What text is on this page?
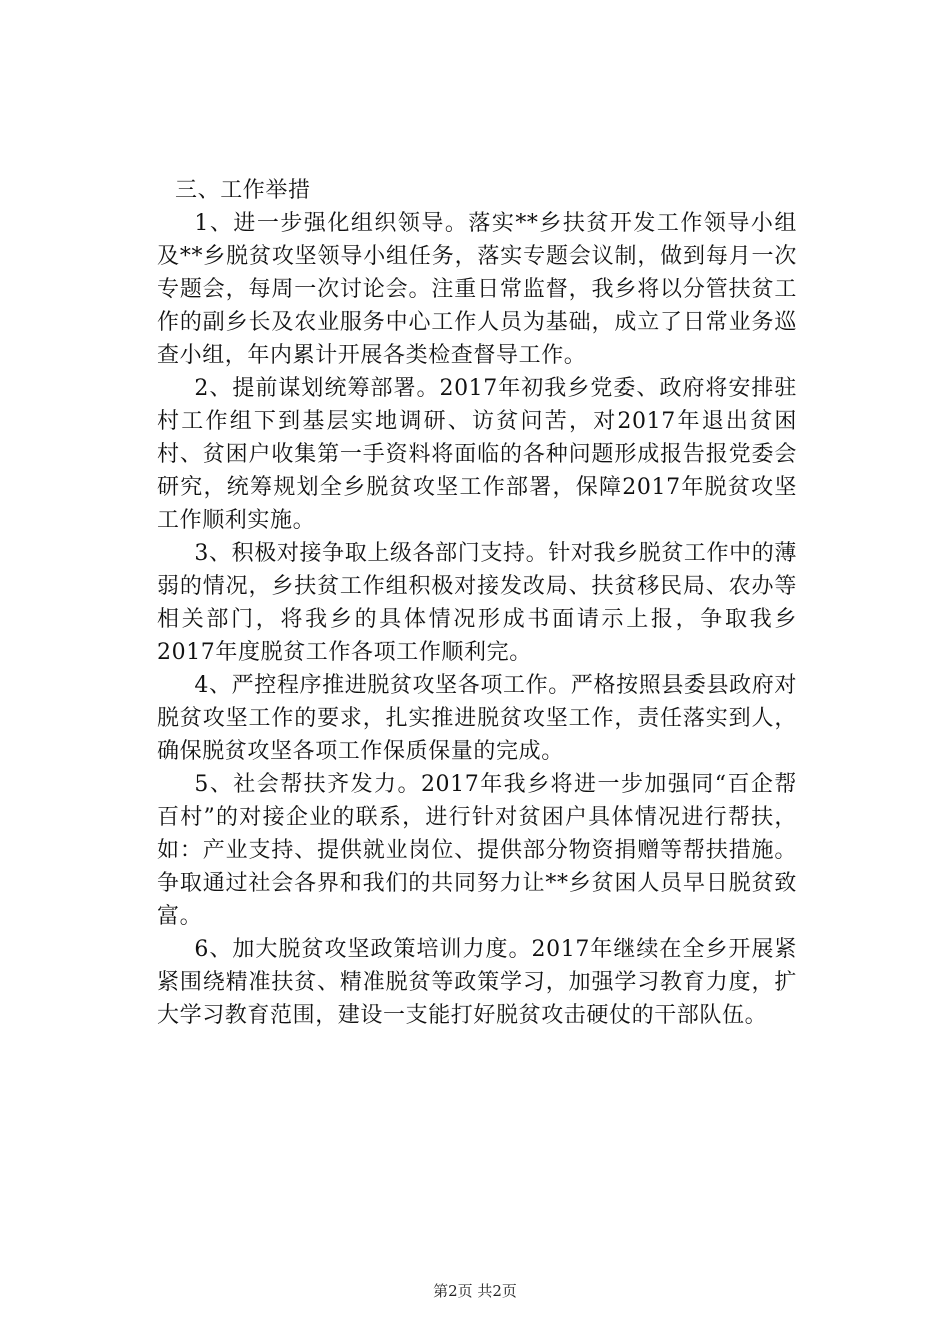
三、工作举措

1、进一步强化组织领导。落实**乡扶贫开发工作领导小组及**乡脱贫攻坚领导小组任务，落实专题会议制，做到每月一次专题会，每周一次讨论会。注重日常监督，我乡将以分管扶贫工作的副乡长及农业服务中心工作人员为基础，成立了日常业务巡查小组，年内累计开展各类检查督导工作。

2、提前谋划统筹部署。2017年初我乡党委、政府将安排驻村工作组下到基层实地调研、访贫问苦，对2017年退出贫困村、贫困户收集第一手资料将面临的各种问题形成报告报党委会研究，统筹规划全乡脱贫攻坚工作部署，保障2017年脱贫攻坚工作顺利实施。

3、积极对接争取上级各部门支持。针对我乡脱贫工作中的薄弱的情况，乡扶贫工作组积极对接发改局、扶贫移民局、农办等相关部门，将我乡的具体情况形成书面请示上报，争取我乡2017年度脱贫工作各项工作顺利完。

4、严控程序推进脱贫攻坚各项工作。严格按照县委县政府对脱贫攻坚工作的要求，扎实推进脱贫攻坚工作，责任落实到人，确保脱贫攻坚各项工作保质保量的完成。

5、社会帮扶齐发力。2017年我乡将进一步加强同“百企帮百村”的对接企业的联系，进行针对贫困户具体情况进行帮扶，如：产业支持、提供就业岗位、提供部分物资捐赠等帮扶措施。争取通过社会各界和我们的共同努力让**乡贫困人员早日脱贫致富。

6、加大脱贫攻坚政策培训力度。2017年继续在全乡开展紧紧围绕精准扶贫、精准脱贫等政策学习，加强学习教育力度，扩大学习教育范围，建设一支能打好脱贫攻击硬仗的干部队伍。

第2页 共2页
